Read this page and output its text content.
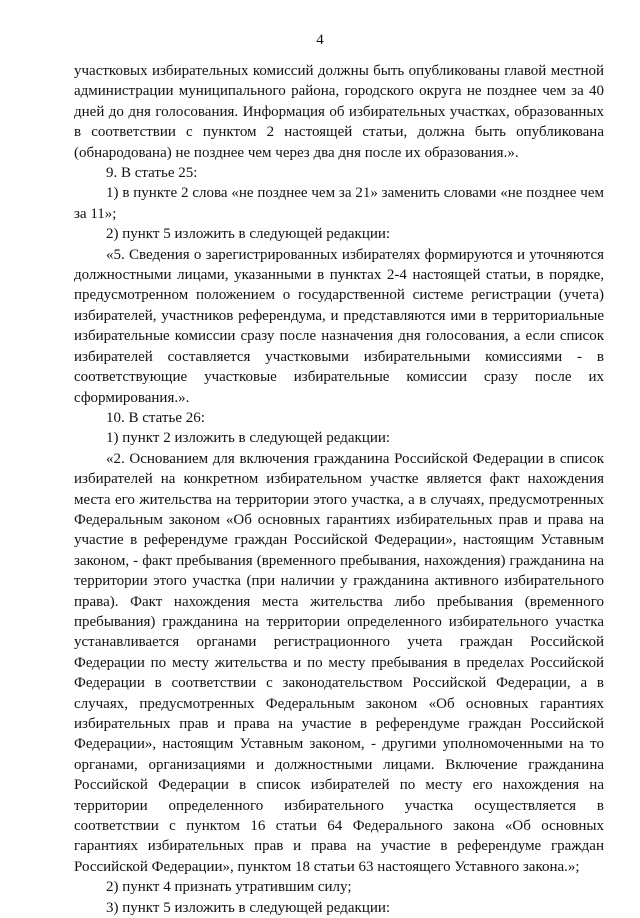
4

участковых избирательных комиссий должны быть опубликованы главой местной администрации муниципального района, городского округа не позднее чем за 40 дней до дня голосования. Информация об избирательных участках, образованных в соответствии с пунктом 2 настоящей статьи, должна быть опубликована (обнародована) не позднее чем через два дня после их образования.».

9. В статье 25:

1) в пункте 2 слова «не позднее чем за 21» заменить словами «не позднее чем за 11»;

2) пункт 5 изложить в следующей редакции:

«5. Сведения о зарегистрированных избирателях формируются и уточняются должностными лицами, указанными в пунктах 2-4 настоящей статьи, в порядке, предусмотренном положением о государственной системе регистрации (учета) избирателей, участников референдума, и представляются ими в территориальные избирательные комиссии сразу после назначения дня голосования, а если список избирателей составляется участковыми избирательными комиссиями - в соответствующие участковые избирательные комиссии сразу после их сформирования.».

10. В статье 26:

1) пункт 2 изложить в следующей редакции:

«2. Основанием для включения гражданина Российской Федерации в список избирателей на конкретном избирательном участке является факт нахождения места его жительства на территории этого участка, а в случаях, предусмотренных Федеральным законом «Об основных гарантиях избирательных прав и права на участие в референдуме граждан Российской Федерации», настоящим Уставным законом, - факт пребывания (временного пребывания, нахождения) гражданина на территории этого участка (при наличии у гражданина активного избирательного права). Факт нахождения места жительства либо пребывания (временного пребывания) гражданина на территории определенного избирательного участка устанавливается органами регистрационного учета граждан Российской Федерации по месту жительства и по месту пребывания в пределах Российской Федерации в соответствии с законодательством Российской Федерации, а в случаях, предусмотренных Федеральным законом «Об основных гарантиях избирательных прав и права на участие в референдуме граждан Российской Федерации», настоящим Уставным законом, - другими уполномоченными на то органами, организациями и должностными лицами. Включение гражданина Российской Федерации в список избирателей по месту его нахождения на территории определенного избирательного участка осуществляется в соответствии с пунктом 16 статьи 64 Федерального закона «Об основных гарантиях избирательных прав и права на участие в референдуме граждан Российской Федерации», пунктом 18 статьи 63 настоящего Уставного закона.»;

2) пункт 4 признать утратившим силу;

3) пункт 5 изложить в следующей редакции:
